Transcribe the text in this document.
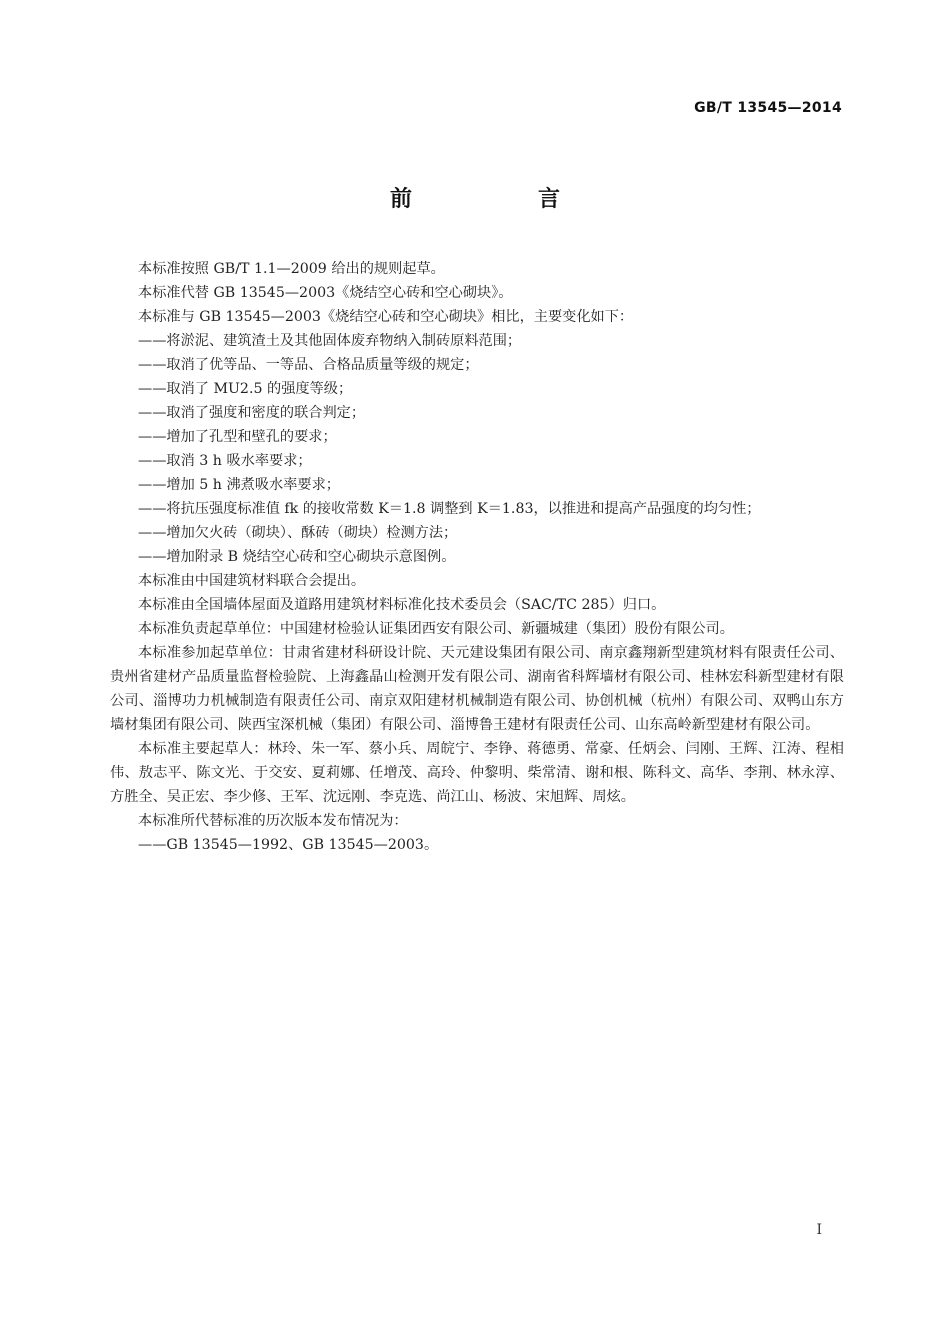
GB/T 13545—2014
前　言

本标准按照 GB/T 1.1—2009 给出的规则起草。

本标准代替 GB 13545—2003《烧结空心砖和空心砌块》。

本标准与 GB 13545—2003《烧结空心砖和空心砌块》相比，主要变化如下：

——将淤泥、建筑渣土及其他固体废弃物纳入制砖原料范围；

——取消了优等品、一等品、合格品质量等级的规定；

——取消了 MU2.5 的强度等级；

——取消了强度和密度的联合判定；

——增加了孔型和壁孔的要求；

——取消 3 h 吸水率要求；

——增加 5 h 沸煮吸水率要求；

——将抗压强度标准值 fk 的接收常数 K＝1.8 调整到 K＝1.83，以推进和提高产品强度的均匀性；

——增加欠火砖（砌块）、酥砖（砌块）检测方法；

——增加附录 B 烧结空心砖和空心砌块示意图例。

本标准由中国建筑材料联合会提出。

本标准由全国墙体屋面及道路用建筑材料标准化技术委员会（SAC/TC 285）归口。

本标准负责起草单位：中国建材检验认证集团西安有限公司、新疆城建（集团）股份有限公司。

本标准参加起草单位：甘肃省建材科研设计院、天元建设集团有限公司、南京鑫翔新型建筑材料有限责任公司、贵州省建材产品质量监督检验院、上海鑫晶山检测开发有限公司、湖南省科辉墙材有限公司、桂林宏科新型建材有限公司、淄博功力机械制造有限责任公司、南京双阳建材机械制造有限公司、协创机械（杭州）有限公司、双鸭山东方墙材集团有限公司、陕西宝深机械（集团）有限公司、淄博鲁王建材有限责任公司、山东高岭新型建材有限公司。

本标准主要起草人：林玲、朱一军、蔡小兵、周皖宁、李铮、蒋德勇、常豪、任炳会、闫刚、王辉、江涛、程相伟、敖志平、陈文光、于交安、夏莉娜、任增茂、高玲、仲黎明、柴常清、谢和根、陈科文、高华、李荆、林永淳、方胜全、吴正宏、李少修、王军、沈远刚、李克选、尚江山、杨波、宋旭辉、周炫。

本标准所代替标准的历次版本发布情况为：

——GB 13545—1992、GB 13545—2003。

I
